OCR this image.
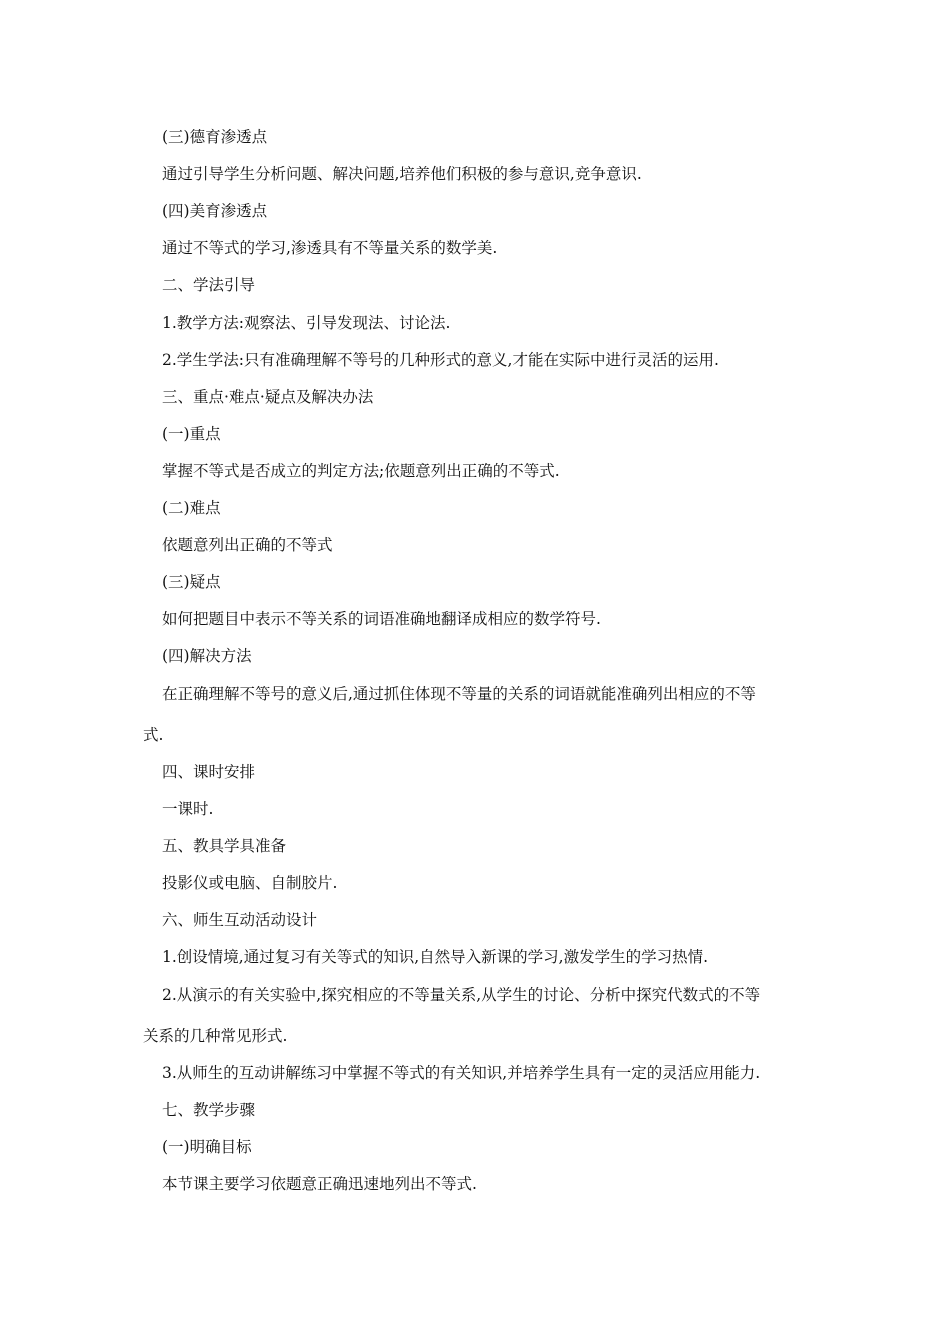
(三)德育渗透点
通过引导学生分析问题、解决问题,培养他们积极的参与意识,竞争意识.
(四)美育渗透点
通过不等式的学习,渗透具有不等量关系的数学美.
二、学法引导
1.教学方法:观察法、引导发现法、讨论法.
2.学生学法:只有准确理解不等号的几种形式的意义,才能在实际中进行灵活的运用.
三、重点·难点·疑点及解决办法
(一)重点
掌握不等式是否成立的判定方法;依题意列出正确的不等式.
(二)难点
依题意列出正确的不等式
(三)疑点
如何把题目中表示不等关系的词语准确地翻译成相应的数学符号.
(四)解决方法
在正确理解不等号的意义后,通过抓住体现不等量的关系的词语就能准确列出相应的不等
式.
四、课时安排
一课时.
五、教具学具准备
投影仪或电脑、自制胶片.
六、师生互动活动设计
1.创设情境,通过复习有关等式的知识,自然导入新课的学习,激发学生的学习热情.
2.从演示的有关实验中,探究相应的不等量关系,从学生的讨论、分析中探究代数式的不等
关系的几种常见形式.
3.从师生的互动讲解练习中掌握不等式的有关知识,并培养学生具有一定的灵活应用能力.
七、教学步骤
(一)明确目标
本节课主要学习依题意正确迅速地列出不等式.
